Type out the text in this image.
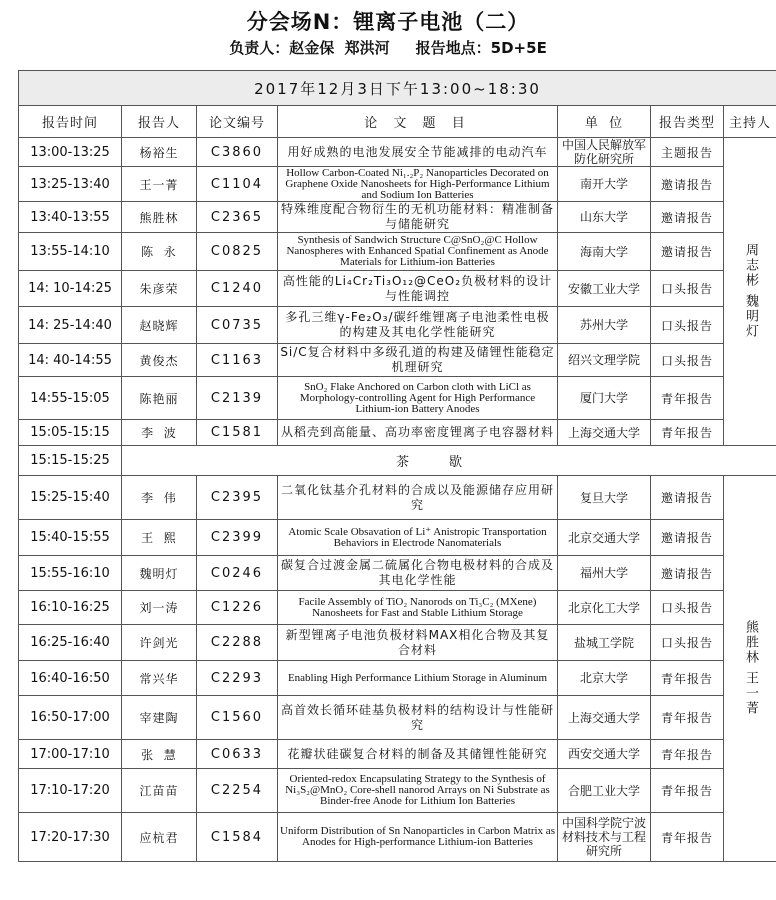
分会场N：锂离子电池（二）
负责人：赵金保  郑洪河 报告地点：5D+5E
2017年12月3日下午13:00~18:30						
报告时间	报告人	论文编号	论 文 题 目	单  位	报告类型	主持人
13:00-13:25	杨裕生	C3860	用好成熟的电池发展安全节能减排的电动汽车	中国人民解放军防化研究所	主题报告	周志彬 魏明灯

13:25-13:40	王一菁	C1104	Hollow Carbon-Coated Ni₁.₂P₂ Nanoparticles Decorated on Graphene Oxide Nanosheets for High-Performance Lithium and Sodium Ion Batteries	南开大学	邀请报告	
13:40-13:55	熊胜林	C2365	特殊维度配合物衍生的无机功能材料：精准制备与储能研究	山东大学	邀请报告	
13:55-14:10	陈  永	C0825	Synthesis of Sandwich Structure C@SnO₂@C Hollow Nanospheres with Enhanced Spatial Confinement as Anode Materials for Lithium-ion Batteries	海南大学	邀请报告	
14: 10-14:25	朱彦荣	C1240	高性能的Li₄Cr₂Ti₃O₁₂@CeO₂负极材料的设计与性能调控	安徽工业大学	口头报告	
14: 25-14:40	赵晓辉	C0735	多孔三维γ-Fe₂O₃/碳纤维锂离子电池柔性电极的构建及其电化学性能研究	苏州大学	口头报告	
14: 40-14:55	黄俊杰	C1163	Si/C复合材料中多级孔道的构建及储锂性能稳定机理研究	绍兴文理学院	口头报告	
14:55-15:05	陈艳丽	C2139	SnO₂ Flake Anchored on Carbon cloth with LiCl as Morphology-controlling Agent for High Performance Lithium-ion Battery Anodes	厦门大学	青年报告	
15:05-15:15	李  波	C1581	从稻壳到高能量、高功率密度锂离子电容器材料	上海交通大学	青年报告	
15:15-15:25	茶歇					
15:25-15:40	李  伟	C2395	二氧化钛基介孔材料的合成以及能源储存应用研究	复旦大学	邀请报告	熊胜林 王一菁

15:40-15:55	王  熙	C2399	Atomic Scale Obsavation of Li⁺ Anistropic Transportation Behaviors in Electrode Nanomaterials	北京交通大学	邀请报告	
15:55-16:10	魏明灯	C0246	碳复合过渡金属二硫属化合物电极材料的合成及其电化学性能	福州大学	邀请报告	
16:10-16:25	刘一涛	C1226	Facile Assembly of TiO₂ Nanorods on Ti₃C₂ (MXene) Nanosheets for Fast and Stable Lithium Storage	北京化工大学	口头报告	
16:25-16:40	许剑光	C2288	新型锂离子电池负极材料MAX相化合物及其复合材料	盐城工学院	口头报告	
16:40-16:50	常兴华	C2293	Enabling High Performance Lithium Storage in Aluminum	北京大学	青年报告	
16:50-17:00	宰建陶	C1560	高首效长循环硅基负极材料的结构设计与性能研究	上海交通大学	青年报告	
17:00-17:10	张  慧	C0633	花瓣状硅碳复合材料的制备及其储锂性能研究	西安交通大学	青年报告	
17:10-17:20	江苗苗	C2254	Oriented-redox Encapsulating Strategy to the Synthesis of Ni₃S₂@MnO₂ Core-shell nanorod Arrays on Ni Substrate as Binder-free Anode for Lithium Ion Batteries	合肥工业大学	青年报告	
17:20-17:30	应杭君	C1584	Uniform Distribution of Sn Nanoparticles in Carbon Matrix as Anodes for High-performance Lithium-ion Batteries	中国科学院宁波材料技术与工程研究所	青年报告	
